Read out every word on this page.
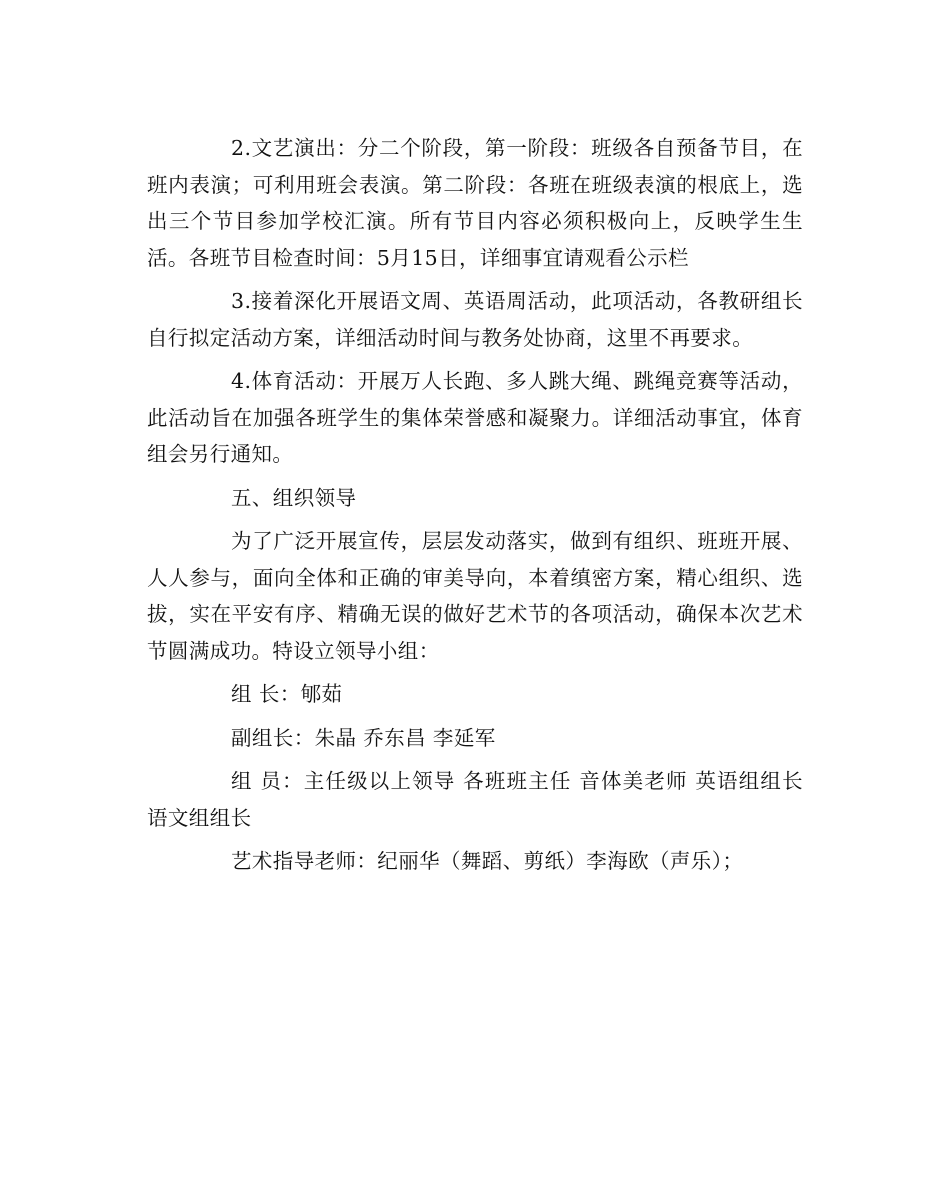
2.文艺演出：分二个阶段，第一阶段：班级各自预备节目，在班内表演；可利用班会表演。第二阶段：各班在班级表演的根底上，选出三个节目参加学校汇演。所有节目内容必须积极向上，反映学生生活。各班节目检查时间：5月15日，详细事宜请观看公示栏

3.接着深化开展语文周、英语周活动，此项活动，各教研组长自行拟定活动方案，详细活动时间与教务处协商，这里不再要求。

4.体育活动：开展万人长跑、多人跳大绳、跳绳竞赛等活动，此活动旨在加强各班学生的集体荣誉感和凝聚力。详细活动事宜，体育组会另行通知。

五、组织领导

为了广泛开展宣传，层层发动落实，做到有组织、班班开展、人人参与，面向全体和正确的审美导向，本着缜密方案，精心组织、选拔，实在平安有序、精确无误的做好艺术节的各项活动，确保本次艺术节圆满成功。特设立领导小组：

组 长：郇茹

副组长：朱晶 乔东昌 李延军

组 员：主任级以上领导 各班班主任 音体美老师 英语组组长 语文组组长

艺术指导老师：纪丽华（舞蹈、剪纸）李海欧（声乐）；
